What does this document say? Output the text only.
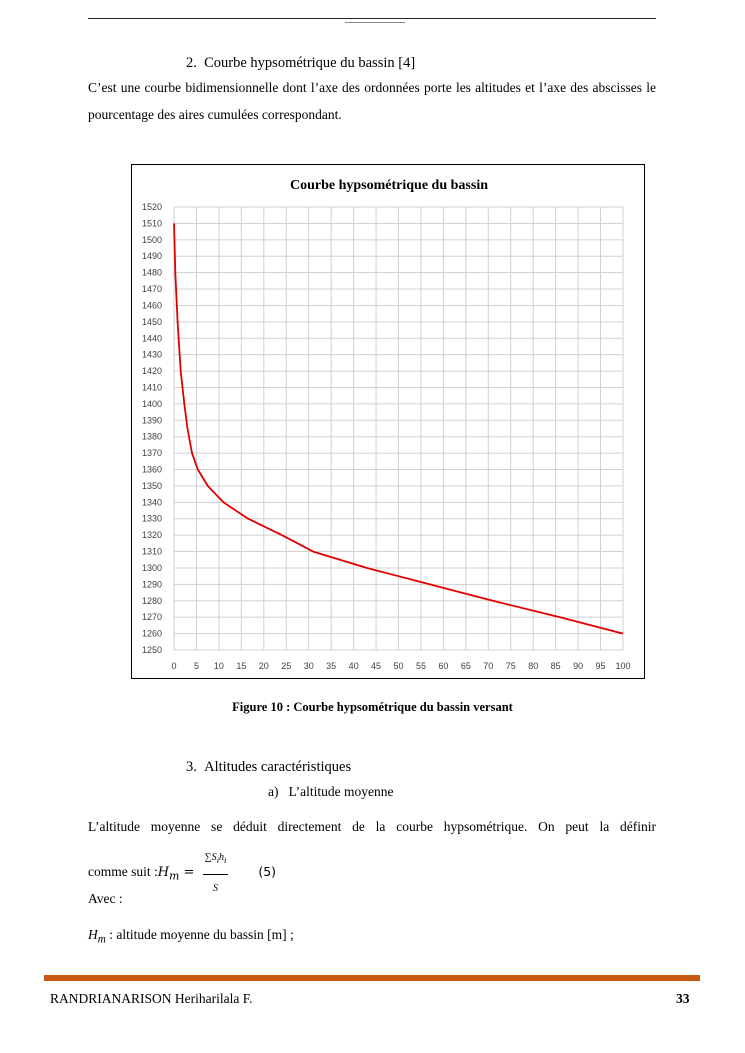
2. Courbe hypsométrique du bassin [4]
C’est une courbe bidimensionnelle dont l’axe des ordonnées porte les altitudes et l’axe des abscisses le pourcentage des aires cumulées correspondant.
Courbe hypsométrique du bassin
1250
1260
1270
1280
1290
1300
1310
1320
1330
1340
1350
1360
1370
1380
1390
1400
1410
1420
1430
1440
1450
1460
1470
1480
1490
1500
1510
1520
0 5 10 15 20 25 30 35 40 45 50 55 60 65 70 75 80 85 90 95 100
Figure 10 : Courbe hypsométrique du bassin versant
3. Altitudes caractéristiques
a) L’altitude moyenne
L’altitude moyenne se déduit directement de la courbe hypsométrique. On peut la définir
comme suit $:H_m = \frac{\sum S_ih_i}{S} (5)$
Avec :
$H_m$ : altitude moyenne du bassin [m] ;
RANDRIANARISON Heriharilala F.	33
